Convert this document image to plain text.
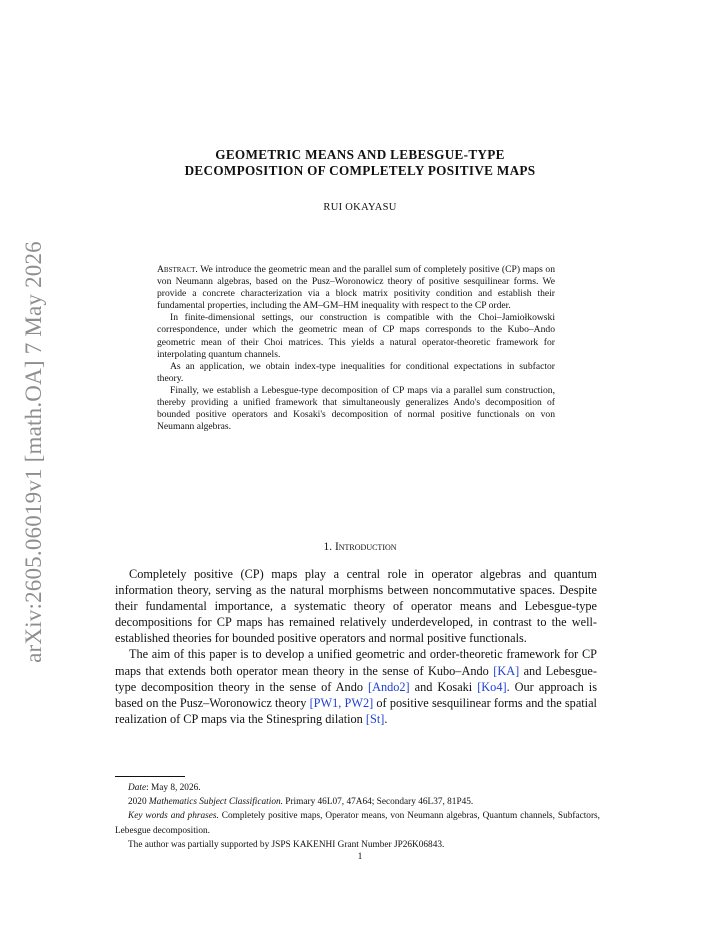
arXiv:2605.06019v1 [math.OA] 7 May 2026
GEOMETRIC MEANS AND LEBESGUE-TYPE
DECOMPOSITION OF COMPLETELY POSITIVE MAPS
RUI OKAYASU

Abstract. We introduce the geometric mean and the parallel sum of completely positive (CP) maps on von Neumann algebras, based on the Pusz–Woronowicz theory of positive sesquilinear forms. We provide a concrete characterization via a block matrix positivity condition and establish their fundamental properties, including the AM–GM–HM inequality with respect to the CP order.

In finite-dimensional settings, our construction is compatible with the Choi–Jamiołkowski correspondence, under which the geometric mean of CP maps corresponds to the Kubo–Ando geometric mean of their Choi matrices. This yields a natural operator-theoretic framework for interpolating quantum channels.

As an application, we obtain index-type inequalities for conditional expectations in subfactor theory.

Finally, we establish a Lebesgue-type decomposition of CP maps via a parallel sum construction, thereby providing a unified framework that simultaneously generalizes Ando's decomposition of bounded positive operators and Kosaki's decomposition of normal positive functionals on von Neumann algebras.

1. Introduction

Completely positive (CP) maps play a central role in operator algebras and quantum information theory, serving as the natural morphisms between noncommutative spaces. Despite their fundamental importance, a systematic theory of operator means and Lebesgue-type decompositions for CP maps has remained relatively underdeveloped, in contrast to the well-established theories for bounded positive operators and normal positive functionals.

The aim of this paper is to develop a unified geometric and order-theoretic framework for CP maps that extends both operator mean theory in the sense of Kubo–Ando [KA] and Lebesgue-type decomposition theory in the sense of Ando [Ando2] and Kosaki [Ko4]. Our approach is based on the Pusz–Woronowicz theory [PW1, PW2] of positive sesquilinear forms and the spatial realization of CP maps via the Stinespring dilation [St].

Date: May 8, 2026.

2020 Mathematics Subject Classification. Primary 46L07, 47A64; Secondary 46L37, 81P45.

Key words and phrases. Completely positive maps, Operator means, von Neumann algebras, Quantum channels, Subfactors, Lebesgue decomposition.

The author was partially supported by JSPS KAKENHI Grant Number JP26K06843.

1
